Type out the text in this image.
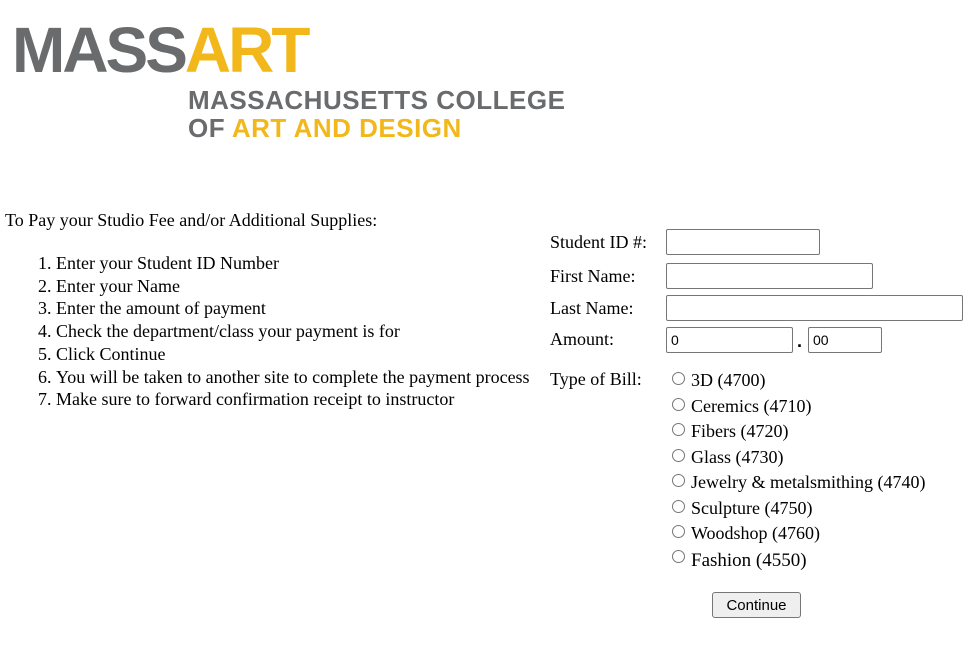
MASSART
MASSACHUSETTS COLLEGE
OF ART AND DESIGN
To Pay your Studio Fee and/or Additional Supplies:
1. Enter your Student ID Number
2. Enter your Name
3. Enter the amount of payment
4. Check the department/class your payment is for
5. Click Continue
6. You will be taken to another site to complete the payment process
7. Make sure to forward confirmation receipt to instructor
Student ID #:
First Name:
Last Name:
Amount:
0	.
00
Type of Bill:	3D (4700)
Ceremics (4710)
Fibers (4720)
Glass (4730)
Jewelry & metalsmithing (4740)
Sculpture (4750)
Woodshop (4760)
Fashion (4550)
Continue
